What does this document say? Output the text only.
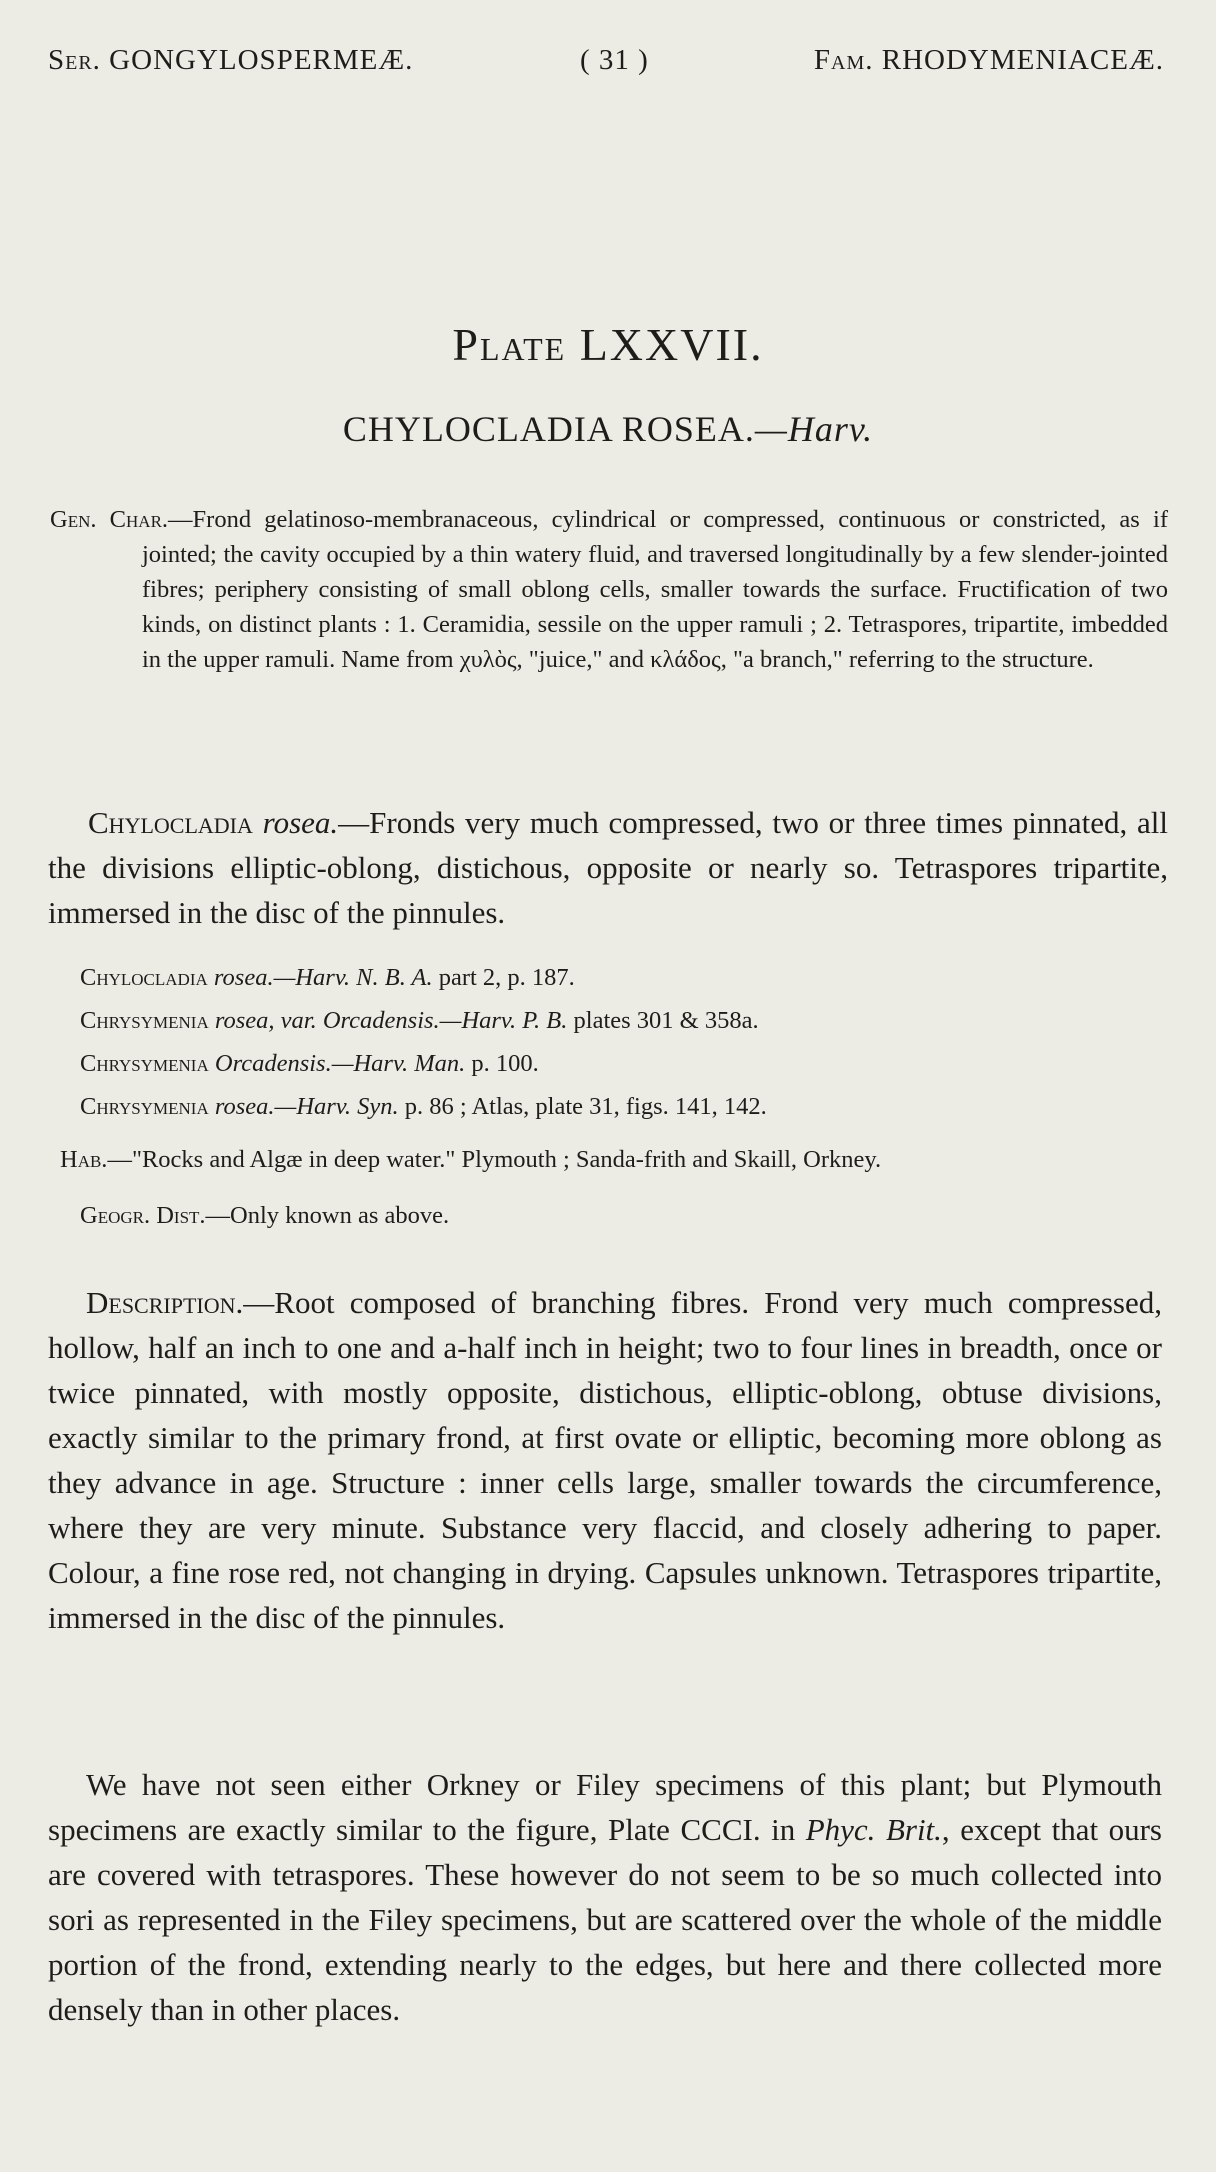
Ser. GONGYLOSPERMEÆ.	( 31 )	Fam. RHODYMENIACEÆ.
Plate LXXVII.
CHYLOCLADIA ROSEA.—Harv.
Gen. Char.—Frond gelatinoso-membranaceous, cylindrical or compressed, continuous or constricted, as if jointed; the cavity occupied by a thin watery fluid, and traversed longitudinally by a few slender-jointed fibres; periphery consisting of small oblong cells, smaller towards the surface. Fructification of two kinds, on distinct plants : 1. Ceramidia, sessile on the upper ramuli ; 2. Tetraspores, tripartite, imbedded in the upper ramuli. Name from χυλὸς, "juice," and κλάδος, "a branch," referring to the structure.
Chylocladia rosea.—Fronds very much compressed, two or three times pinnated, all the divisions elliptic-oblong, distichous, opposite or nearly so. Tetraspores tripartite, immersed in the disc of the pinnules.
Chylocladia rosea.—Harv. N. B. A. part 2, p. 187.
Chrysymenia rosea, var. Orcadensis.—Harv. P. B. plates 301 & 358a.
Chrysymenia Orcadensis.—Harv. Man. p. 100.
Chrysymenia rosea.—Harv. Syn. p. 86 ; Atlas, plate 31, figs. 141, 142.
Hab.—"Rocks and Algæ in deep water." Plymouth ; Sanda-frith and Skaill, Orkney.
Geogr. Dist.—Only known as above.
Description.—Root composed of branching fibres. Frond very much compressed, hollow, half an inch to one and a-half inch in height; two to four lines in breadth, once or twice pinnated, with mostly opposite, distichous, elliptic-oblong, obtuse divisions, exactly similar to the primary frond, at first ovate or elliptic, becoming more oblong as they advance in age. Structure : inner cells large, smaller towards the circumference, where they are very minute. Substance very flaccid, and closely adhering to paper. Colour, a fine rose red, not changing in drying. Capsules unknown. Tetraspores tripartite, immersed in the disc of the pinnules.
We have not seen either Orkney or Filey specimens of this plant; but Plymouth specimens are exactly similar to the figure, Plate CCCI. in Phyc. Brit., except that ours are covered with tetraspores. These however do not seem to be so much collected into sori as represented in the Filey specimens, but are scattered over the whole of the middle portion of the frond, extending nearly to the edges, but here and there collected more densely than in other places.
